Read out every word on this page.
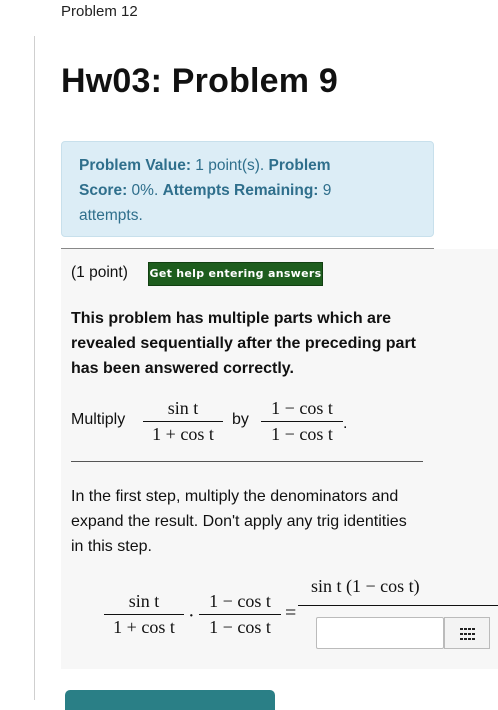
Problem 12
Hw03: Problem 9
Problem Value: 1 point(s). Problem
Score: 0%. Attempts Remaining: 9
attempts.
(1 point) Get help entering answers

This problem has multiple parts which are revealed sequentially after the preceding part has been answered correctly.

Multiply
sin t
1 + cos t
by
1 − cos t
1 − cos t
.

In the first step, multiply the denominators and expand the result. Don't apply any trig identities in this step.

sin t
1 + cos t ·
1 − cos t
1 − cos t
=
sin t (1 − cos t)
